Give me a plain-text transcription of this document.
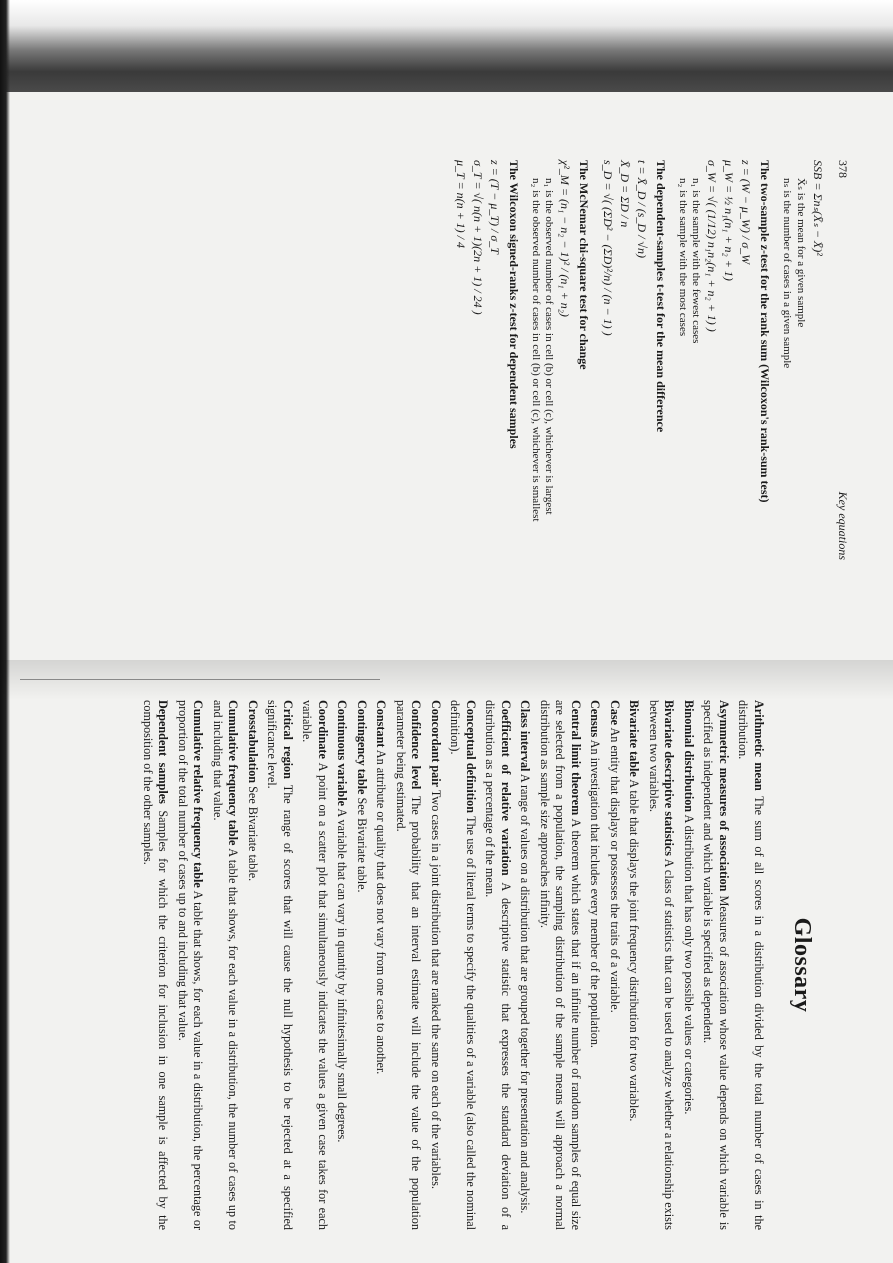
378
Key equations
SSB = Σnₛ(X̄ₛ − X̄)²
X̄ₛ is the mean for a given sample
nₛ is the number of cases in a given sample
The two-sample z-test for the rank sum (Wilcoxon's rank-sum test)
z = (W − μ_W) / σ_W
μ_W = ½ n₁(n₁ + n₂ + 1)
σ_W = √( (1/12) n₁n₂(n₁ + n₂ + 1) )
n₁ is the sample with the fewest cases
n₂ is the sample with the most cases
The dependent-samples t-test for the mean difference
t = X̄_D / (s_D / √n)
X̄_D = ΣD / n
s_D = √( (ΣD² − (ΣD)²/n) / (n − 1) )
The McNemar chi-square test for change
χ²_M = (n₁ − n₂ − 1)² / (n₁ + n₂)
n₁ is the observed number of cases in cell (b) or cell (c), whichever is largest
n₂ is the observed number of cases in cell (b) or cell (c), whichever is smallest
The Wilcoxon signed-ranks z-test for dependent samples
z = (T − μ_T) / σ_T
σ_T = √( n(n + 1)(2n + 1) / 24 )
μ_T = n(n + 1) / 4
Glossary

Arithmetic mean The sum of all scores in a distribution divided by the total number of cases in the distribution.

Asymmetric measures of association Measures of association whose value depends on which variable is specified as independent and which variable is specified as dependent.

Binomial distribution A distribution that has only two possible values or categories.

Bivariate descriptive statistics A class of statistics that can be used to analyze whether a relationship exists between two variables.

Bivariate table A table that displays the joint frequency distribution for two variables.

Case An entity that displays or possesses the traits of a variable.

Census An investigation that includes every member of the population.

Central limit theorem A theorem which states that if an infinite number of random samples of equal size are selected from a population, the sampling distribution of the sample means will approach a normal distribution as sample size approaches infinity.

Class interval A range of values on a distribution that are grouped together for presentation and analysis.

Coefficient of relative variation A descriptive statistic that expresses the standard deviation of a distribution as a percentage of the mean.

Conceptual definition The use of literal terms to specify the qualities of a variable (also called the nominal definition).

Concordant pair Two cases in a joint distribution that are ranked the same on each of the variables.

Confidence level The probability that an interval estimate will include the value of the population parameter being estimated.

Constant An attribute or quality that does not vary from one case to another.

Contingency table See Bivariate table.

Continuous variable A variable that can vary in quantity by infinitesimally small degrees.

Coordinate A point on a scatter plot that simultaneously indicates the values a given case takes for each variable.

Critical region The range of scores that will cause the null hypothesis to be rejected at a specified significance level.

Crosstabulation See Bivariate table.

Cumulative frequency table A table that shows, for each value in a distribution, the number of cases up to and including that value.

Cumulative relative frequency table A table that shows, for each value in a distribution, the percentage or proportion of the total number of cases up to and including that value.

Dependent samples Samples for which the criterion for inclusion in one sample is affected by the composition of the other samples.
